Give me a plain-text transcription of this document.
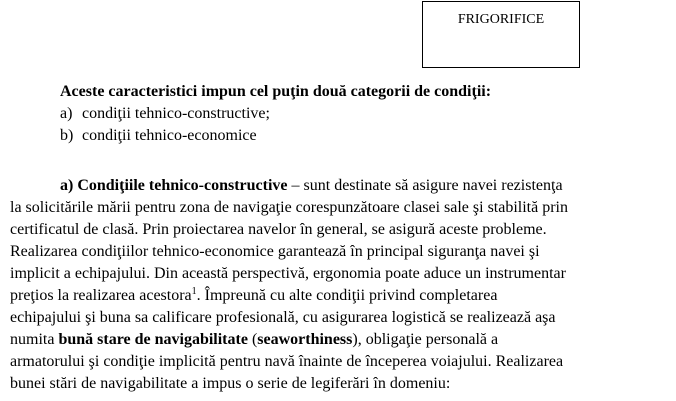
FRIGORIFICE
Aceste caracteristici impun cel puţin două categorii de condiţii:
a) condiţii tehnico-constructive;
b) condiţii tehnico-economice
a) Condiţiile tehnico-constructive – sunt destinate să asigure navei rezistenţa
la solicitările mării pentru zona de navigaţie corespunzătoare clasei sale şi stabilită prin
certificatul de clasă. Prin proiectarea navelor în general, se asigură aceste probleme.
Realizarea condiţiilor tehnico-economice garantează în principal siguranţa navei şi
implicit a echipajului. Din această perspectivă, ergonomia poate aduce un instrumentar
preţios la realizarea acestora$^1$. Împreună cu alte condiţii privind completarea
echipajului şi buna sa calificare profesională, cu asigurarea logistică se realizează aşa
numita bună stare de navigabilitate (seaworthiness), obligaţie personală a
armatorului şi condiţie implicită pentru navă înainte de începerea voiajului. Realizarea
bunei stări de navigabilitate a impus o serie de legiferări în domeniu:
